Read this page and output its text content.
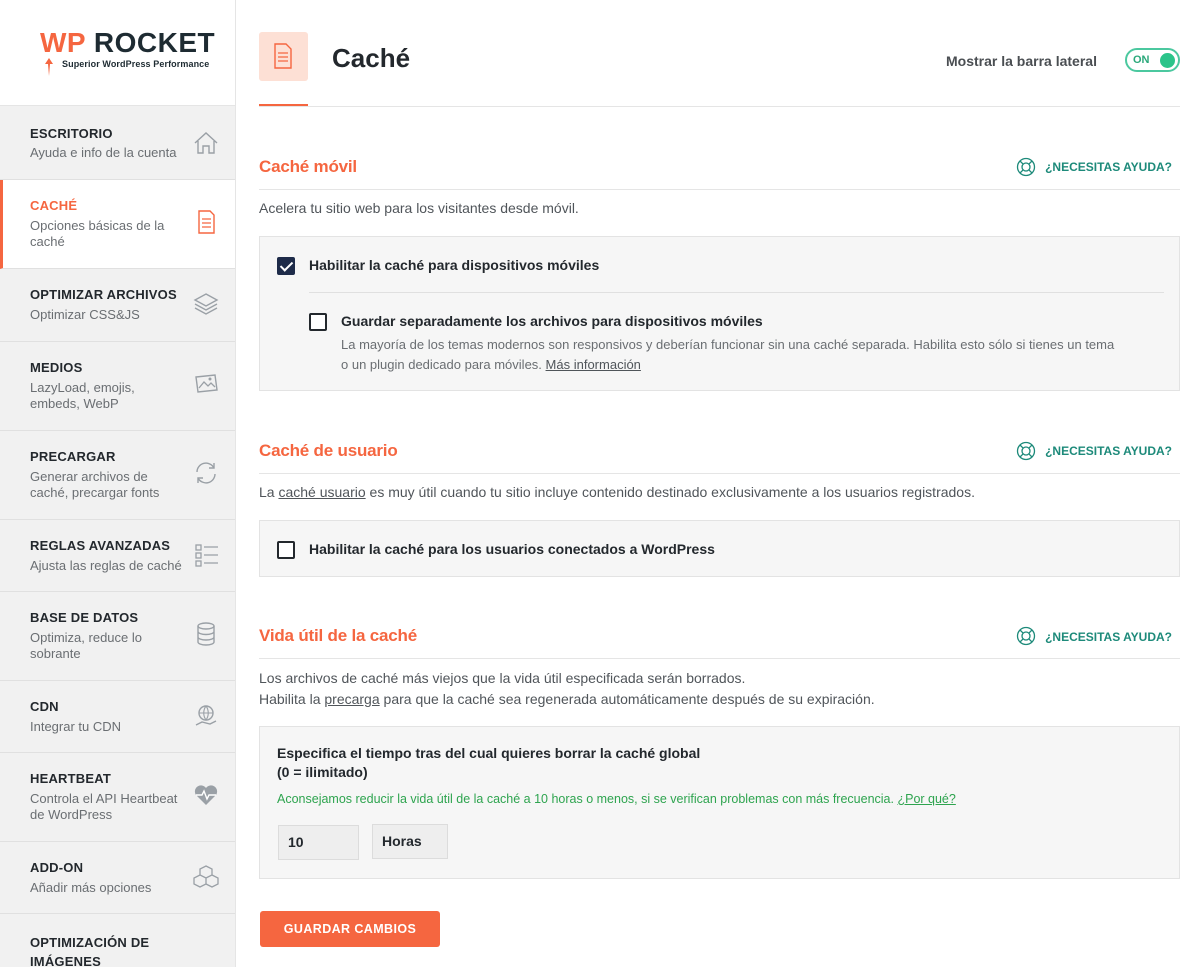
WP ROCKET
Superior WordPress Performance
ESCRITORIO
Ayuda e info de la cuenta
CACHÉ
Opciones básicas de la caché
OPTIMIZAR ARCHIVOS
Optimizar CSS&JS
MEDIOS
LazyLoad, emojis, embeds, WebP
PRECARGAR
Generar archivos de caché, precargar fonts
REGLAS AVANZADAS
Ajusta las reglas de caché
BASE DE DATOS
Optimiza, reduce lo sobrante
CDN
Integrar tu CDN
HEARTBEAT
Controla el API Heartbeat de WordPress
ADD-ON
Añadir más opciones
OPTIMIZACIÓN DE IMÁGENES
Caché	Mostrar la barra lateral	ON
Caché móvil	¿NECESITAS AYUDA?
Acelera tu sitio web para los visitantes desde móvil.
Habilitar la caché para dispositivos móviles
Guardar separadamente los archivos para dispositivos móviles
La mayoría de los temas modernos son responsivos y deberían funcionar sin una caché separada. Habilita esto sólo si tienes un tema
o un plugin dedicado para móviles. Más información
Caché de usuario	¿NECESITAS AYUDA?
La caché usuario es muy útil cuando tu sitio incluye contenido destinado exclusivamente a los usuarios registrados.
Habilitar la caché para los usuarios conectados a WordPress
Vida útil de la caché	¿NECESITAS AYUDA?
Los archivos de caché más viejos que la vida útil especificada serán borrados.
Habilita la precarga para que la caché sea regenerada automáticamente después de su expiración.
Especifica el tiempo tras del cual quieres borrar la caché global
(0 = ilimitado)
Aconsejamos reducir la vida útil de la caché a 10 horas o menos, si se verifican problemas con más frecuencia. ¿Por qué?
10	Horas
GUARDAR CAMBIOS
